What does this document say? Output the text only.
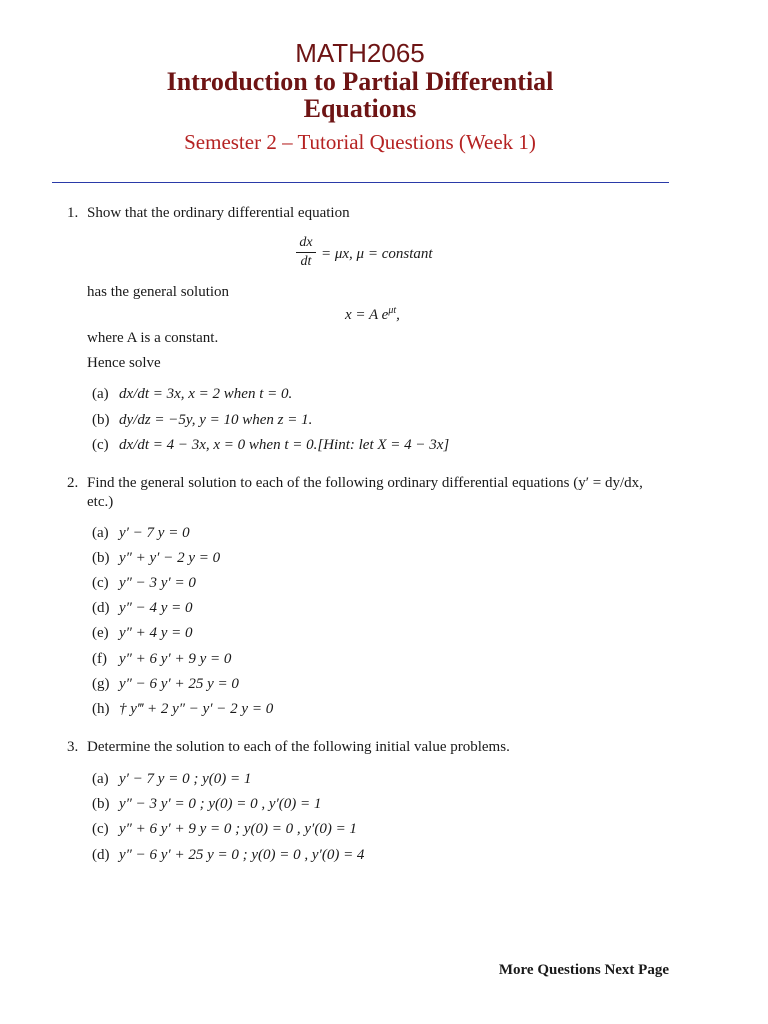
MATH2065
Introduction to Partial Differential
Equations
Semester 2 – Tutorial Questions (Week 1)
1. Show that the ordinary differential equation
dx
dt = μx, μ = constant
has the general solution
x = A $e^{\mu t}$,
where A is a constant.
Hence solve
(a) dx/dt = 3x, x = 2 when t = 0.
(b) dy/dz = −5y, y = 10 when z = 1.
(c) dx/dt = 4 − 3x, x = 0 when t = 0.[Hint: let X = 4 − 3x]
2. Find the general solution to each of the following ordinary differential equations (y′ = dy/dx,
etc.)
(a) y′ − 7 y = 0
(b) y″ + y′ − 2 y = 0
(c) y″ − 3 y′ = 0
(d) y″ − 4 y = 0
(e) y″ + 4 y = 0
(f) y″ + 6 y′ + 9 y = 0
(g) y″ − 6 y′ + 25 y = 0
(h) † y‴ + 2 y″ − y′ − 2 y = 0
3. Determine the solution to each of the following initial value problems.
(a) y′ − 7 y = 0 ; y(0) = 1
(b) y″ − 3 y′ = 0 ; y(0) = 0 , y′(0) = 1
(c) y″ + 6 y′ + 9 y = 0 ; y(0) = 0 , y′(0) = 1
(d) y″ − 6 y′ + 25 y = 0 ; y(0) = 0 , y′(0) = 4
More Questions Next Page
